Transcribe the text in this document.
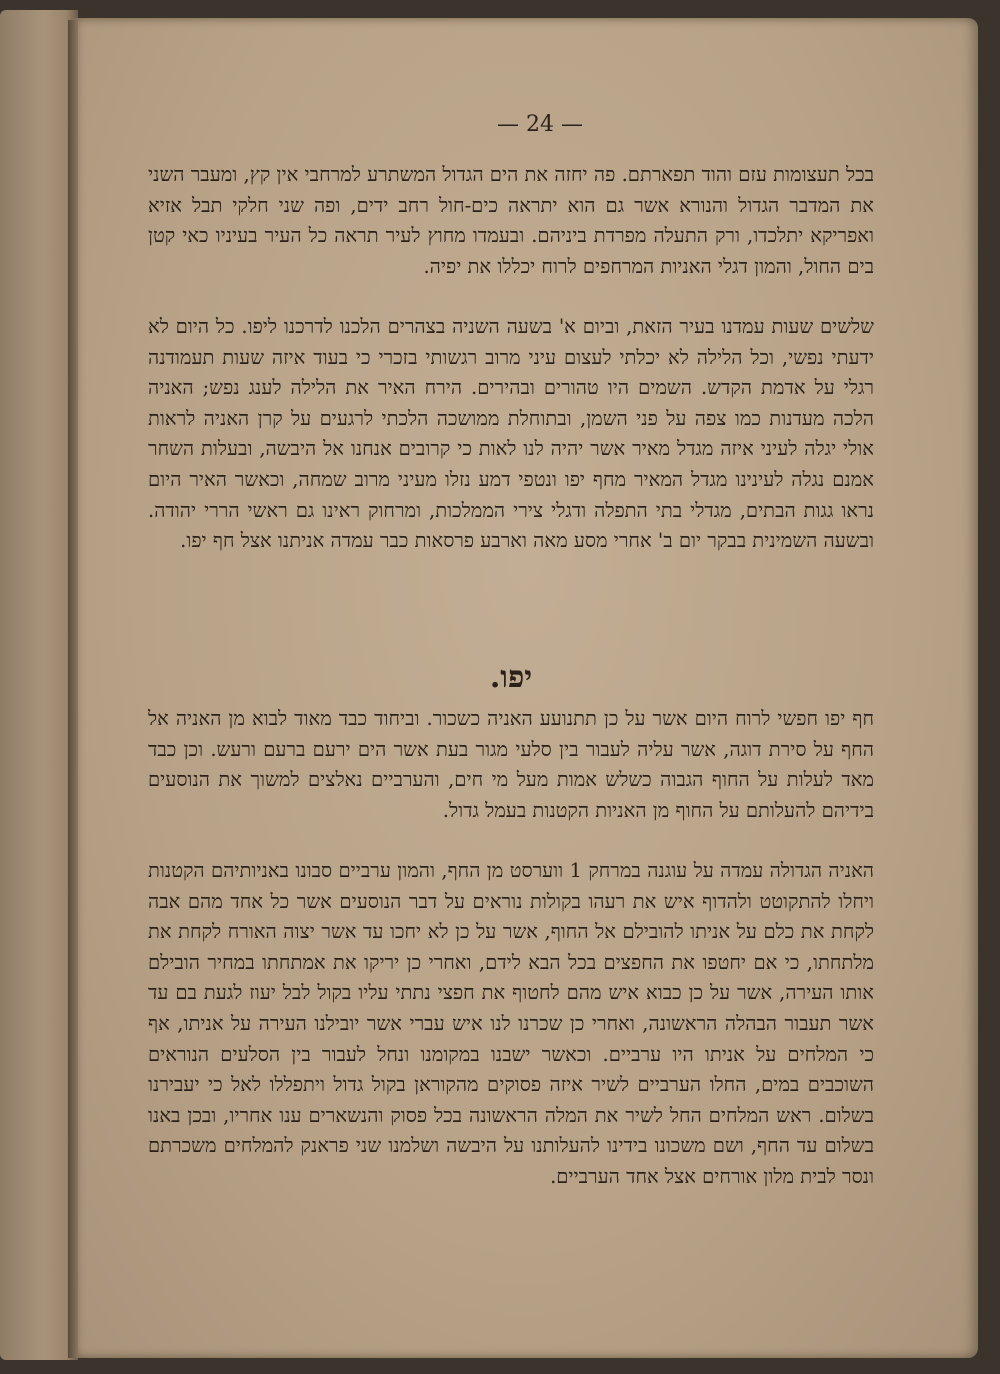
— 24 —

בכל תעצומות עזם והוד תפארתם. פה יחזה את הים הגדול המשתרע למרחבי אין קץ, ומעבר השני את המדבר הגדול והנורא אשר גם הוא יתראה כים-חול רחב ידים, ופה שני חלקי תבל אזיא ואפריקא יתלכדו, ורק התעלה מפרדת ביניהם. ובעמדו מחוץ לעיר תראה כל העיר בעיניו כאי קטן בים החול, והמון דגלי האניות המרחפים לרוח יכללו את יפיה.

שלשים שעות עמדנו בעיר הזאת, וביום א' בשעה השניה בצהרים הלכנו לדרכנו ליפו. כל היום לא ידעתי נפשי, וכל הלילה לא יכלתי לעצום עיני מרוב רגשותי בזכרי כי בעוד איזה שעות תעמודנה רגלי על אדמת הקדש. השמים היו טהורים ובהירים. הירח האיר את הלילה לענג נפש; האניה הלכה מעדנות כמו צפה על פני השמן, ובתוחלת ממושכה הלכתי לרגעים על קרן האניה לראות אולי יגלה לעיני איזה מגדל מאיר אשר יהיה לנו לאות כי קרובים אנחנו אל היבשה, ובעלות השחר אמנם נגלה לעינינו מגדל המאיר מחף יפו ונטפי דמע נזלו מעיני מרוב שמחה, וכאשר האיר היום נראו גגות הבתים, מגדלי בתי התפלה ודגלי צירי הממלכות, ומרחוק ראינו גם ראשי הררי יהודה. ובשעה השמינית בבקר יום ב' אחרי מסע מאה וארבע פרסאות כבר עמדה אניתנו אצל חף יפו.

יפו.

חף יפו חפשי לרוח היום אשר על כן תתנועע האניה כשכור. וביחוד כבד מאוד לבוא מן האניה אל החף על סירת דוגה, אשר עליה לעבור בין סלעי מגור בעת אשר הים ירעם ברעם ורעש. וכן כבד מאד לעלות על החוף הגבוה כשלש אמות מעל מי חים, והערביים נאלצים למשוך את הנוסעים בידיהם להעלותם על החוף מן האניות הקטנות בעמל גדול.

האניה הגדולה עמדה על עוגנה במרחק 1 ווערסט מן החף, והמון ערביים סבונו באניותיהם הקטנות ויחלו להתקוטט ולהדוף איש את רעהו בקולות נוראים על דבר הנוסעים אשר כל אחד מהם אבה לקחת את כלם על אניתו להובילם אל החוף, אשר על כן לא יחכו עד אשר יצוה האורח לקחת את מלתחתו, כי אם יחטפו את החפצים בכל הבא לידם, ואחרי כן יריקו את אמתחתו במחיר הובילם אותו העירה, אשר על כן כבוא איש מהם לחטוף את חפצי נתתי עליו בקול לבל יעוז לגעת בם עד אשר תעבור הבהלה הראשונה, ואחרי כן שכרנו לנו איש עברי אשר יובילנו העירה על אניתו, אף כי המלחים על אניתו היו ערביים. וכאשר ישבנו במקומנו ונחל לעבור בין הסלעים הנוראים השוכבים במים, החלו הערביים לשיר איזה פסוקים מהקוראן בקול גדול ויתפללו לאל כי יעבירנו בשלום. ראש המלחים החל לשיר את המלה הראשונה בכל פסוק והנשארים ענו אחריו, ובכן באנו בשלום עד החף, ושם משכונו בידינו להעלותנו על היבשה ושלמנו שני פראנק להמלחים משכרתם ונסר לבית מלון אורחים אצל אחד הערביים.
